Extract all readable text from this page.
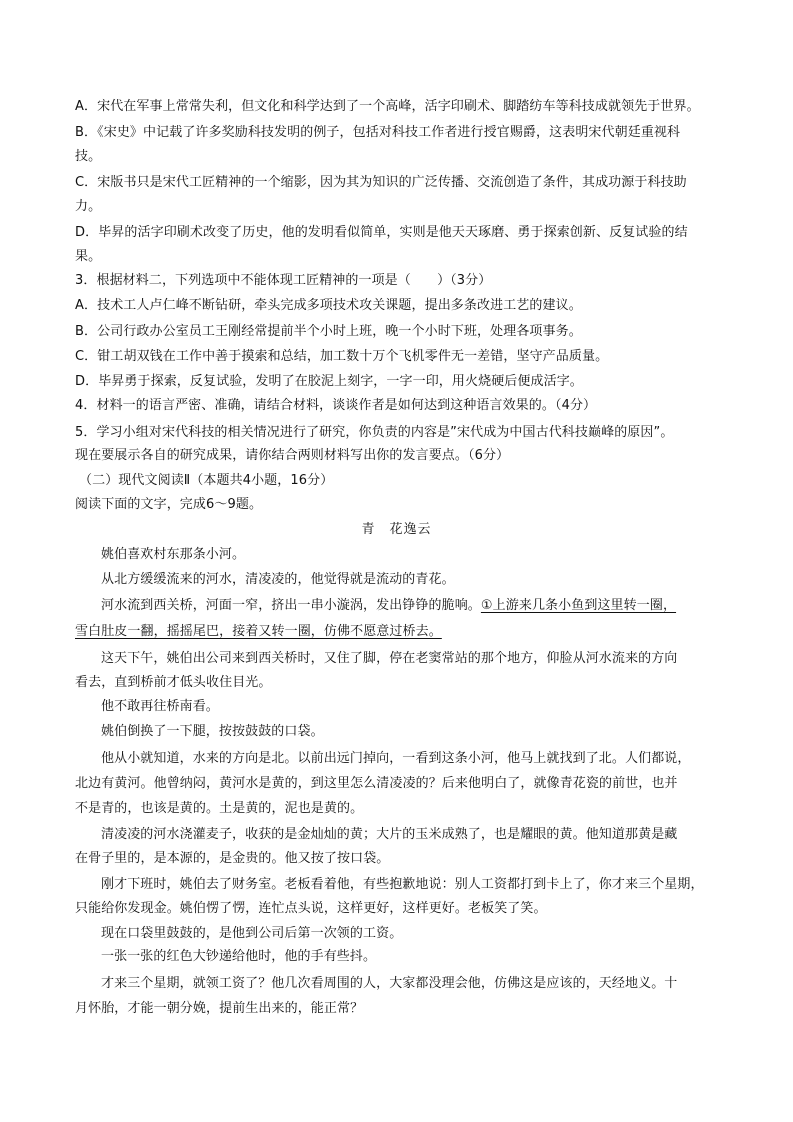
A．宋代在军事上常常失利，但文化和科学达到了一个高峰，活字印刷术、脚踏纺车等科技成就领先于世界。
B．《宋史》中记载了许多奖励科技发明的例子，包括对科技工作者进行授官赐爵，这表明宋代朝廷重视科
技。
C．宋版书只是宋代工匠精神的一个缩影，因为其为知识的广泛传播、交流创造了条件，其成功源于科技助
力。
D．毕昇的活字印刷术改变了历史，他的发明看似简单，实则是他天天琢磨、勇于探索创新、反复试验的结
果。
3．根据材料二，下列选项中不能体现工匠精神的一项是（　　）（3分）
A．技术工人卢仁峰不断钻研，牵头完成多项技术攻关课题，提出多条改进工艺的建议。
B．公司行政办公室员工王刚经常提前半个小时上班，晚一个小时下班，处理各项事务。
C．钳工胡双钱在工作中善于摸索和总结，加工数十万个飞机零件无一差错，坚守产品质量。
D．毕昇勇于探索，反复试验，发明了在胶泥上刻字，一字一印，用火烧硬后便成活字。
4．材料一的语言严密、准确，请结合材料，谈谈作者是如何达到这种语言效果的。（4分）
5．学习小组对宋代科技的相关情况进行了研究，你负责的内容是”宋代成为中国古代科技巅峰的原因”。
现在要展示各自的研究成果，请你结合两则材料写出你的发言要点。（6分）
（二）现代文阅读Ⅱ（本题共4小题，16分）
阅读下面的文字，完成6～9题。
青　花逸云
姚伯喜欢村东那条小河。
从北方缓缓流来的河水，清凌凌的，他觉得就是流动的青花。
河水流到西关桥，河面一窄，挤出一串小漩涡，发出铮铮的脆响。①上游来几条小鱼到这里转一圈，
雪白肚皮一翻，摇摇尾巴，接着又转一圈，仿佛不愿意过桥去。
这天下午，姚伯出公司来到西关桥时，又住了脚，停在老窦常站的那个地方，仰脸从河水流来的方向
看去，直到桥前才低头收住目光。
他不敢再往桥南看。
姚伯倒换了一下腿，按按鼓鼓的口袋。
他从小就知道，水来的方向是北。以前出远门掉向，一看到这条小河，他马上就找到了北。人们都说，
北边有黄河。他曾纳闷，黄河水是黄的，到这里怎么清凌凌的？后来他明白了，就像青花瓷的前世，也并
不是青的，也该是黄的。土是黄的，泥也是黄的。
清凌凌的河水浇灌麦子，收获的是金灿灿的黄；大片的玉米成熟了，也是耀眼的黄。他知道那黄是藏
在骨子里的，是本源的，是金贵的。他又按了按口袋。
刚才下班时，姚伯去了财务室。老板看着他，有些抱歉地说：别人工资都打到卡上了，你才来三个星期，
只能给你发现金。姚伯愣了愣，连忙点头说，这样更好，这样更好。老板笑了笑。
现在口袋里鼓鼓的，是他到公司后第一次领的工资。
一张一张的红色大钞递给他时，他的手有些抖。
才来三个星期，就领工资了？他几次看周围的人，大家都没理会他，仿佛这是应该的，天经地义。十
月怀胎，才能一朝分娩，提前生出来的，能正常？
